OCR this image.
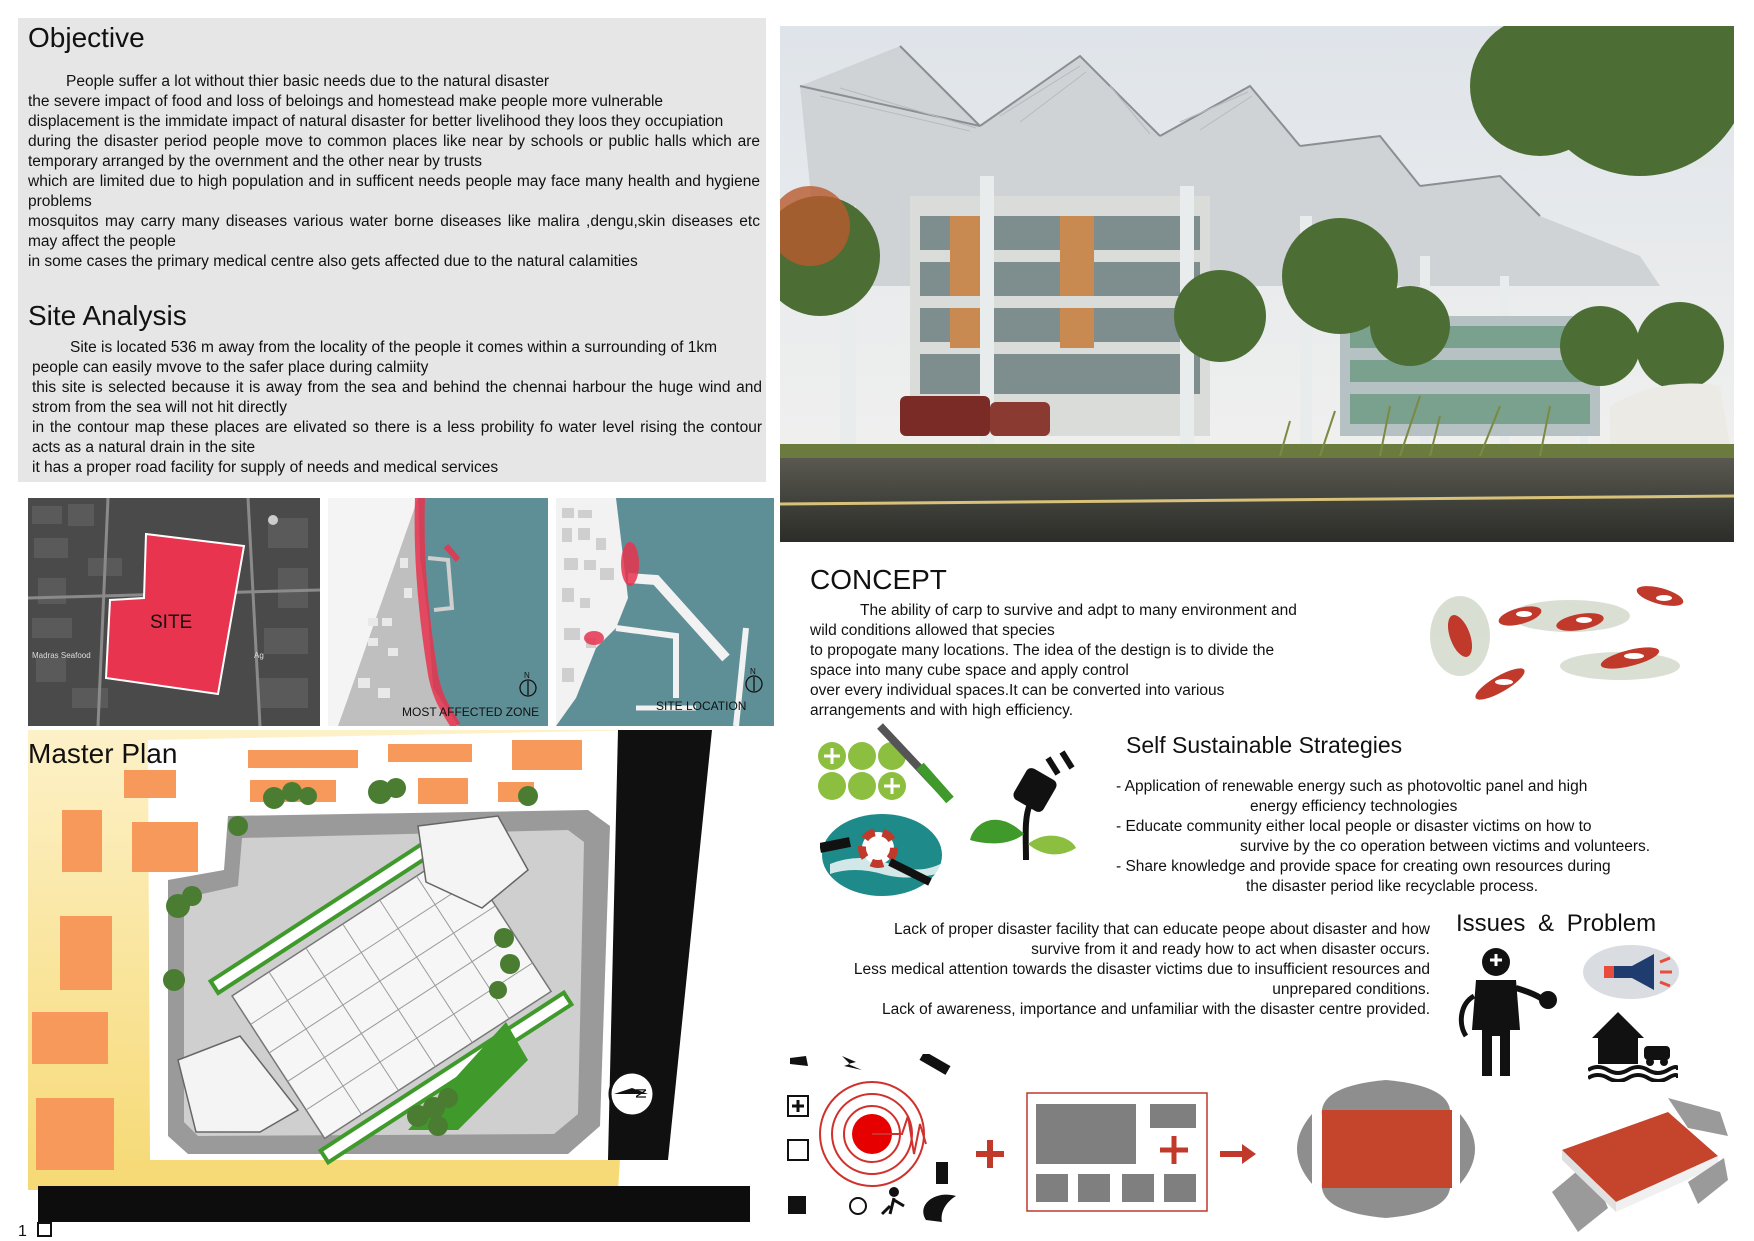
Objective

People suffer a lot without thier basic needs due to the natural disaster

the severe impact of food and loss of beloings and homestead make people more vulnerable

displacement is the immidate impact of natural disaster for better livelihood they loos they occupiation

during the disaster period people move to common places like near by schools or public halls which are temporary arranged by the overnment and the other near by trusts

which are limited due to high population and in sufficent needs people may face many health and hygiene problems

mosquitos may carry many diseases various water borne diseases like malira ,dengu,skin diseases etc may affect the people

in some cases the primary medical centre also gets affected due to the natural calamities

Site Analysis

Site is located 536 m away from the locality of the people it comes within a surrounding of 1km

people can easily mvove to the safer place during calmiity

this site is selected because it is away from the sea and behind the chennai harbour the huge wind and strom from the sea will not hit directly

in the contour map these places are elivated so there is a less probility fo water level rising the contour acts as a natural drain in the site

it has a proper road facility for supply of needs and medical services

SITE
Madras Seafood	Ag
N
MOST AFFECTED ZONE
N
SITE LOCATION
N
Master Plan
1
CONCEPT

The ability of carp to survive and adpt to many environment and

wild conditions allowed that species

to propogate many locations. The idea of the destign is to divide the

space into many cube space and apply control

over every individual spaces.It can be converted into various

arrangements and with high efficiency.

Self Sustainable Strategies

- Application of renewable energy such as photovoltic panel and high

energy efficiency technologies

- Educate community either local people or disaster victims on how to

survive by the co operation between victims and volunteers.

- Share knowledge and provide space for creating own resources during

the disaster period like recyclable process.

Lack of proper disaster facility that can educate peope about disaster and how

survive from it and ready how to act when disaster occurs.

Less medical attention towards the disaster victims due to insufficient resources and

unprepared conditions.

Lack of awareness, importance and unfamiliar with the disaster centre provided.

Issues & Problem
